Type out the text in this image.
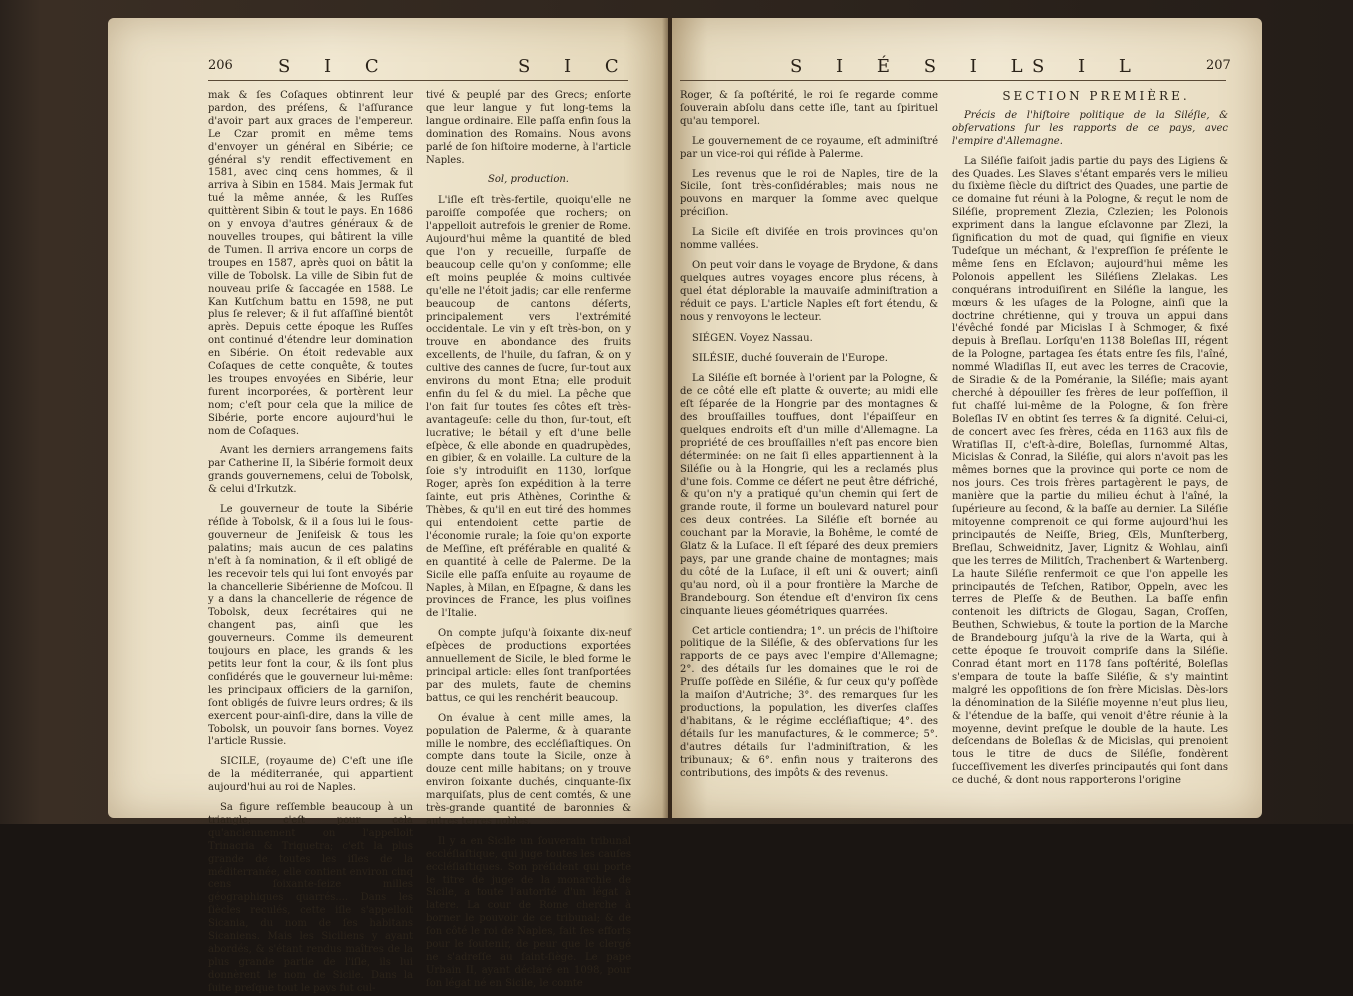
206	S I C	S I C

mak & ſes Coſaques obtinrent leur pardon, des préſens, & l'aſſurance d'avoir part aux graces de l'empereur. Le Czar promit en même tems d'envoyer un général en Sibérie; ce général s'y rendit effectivement en 1581, avec cinq cens hommes, & il arriva à Sibin en 1584. Mais Jermak fut tué la même année, & les Ruſſes quittèrent Sibin & tout le pays. En 1686 on y envoya d'autres généraux & de nouvelles troupes, qui bâtirent la ville de Tumen. Il arriva encore un corps de troupes en 1587, après quoi on bâtit la ville de Tobolsk. La ville de Sibin fut de nouveau priſe & ſaccagée en 1588. Le Kan Kutſchum battu en 1598, ne put plus ſe relever; & il fut aſſaſſiné bientôt après. Depuis cette époque les Ruſſes ont continué d'étendre leur domination en Sibérie. On étoit redevable aux Coſaques de cette conquête, & toutes les troupes envoyées en Sibérie, leur furent incorporées, & portèrent leur nom; c'eſt pour cela que la milice de Sibérie, porte encore aujourd'hui le nom de Coſaques.

Avant les derniers arrangemens faits par Catherine II, la Sibérie formoit deux grands gouvernemens, celui de Tobolsk, & celui d'Irkutzk.

Le gouverneur de toute la Sibérie réſide à Tobolsk, & il a ſous lui le ſous-gouverneur de Jeniſeisk & tous les palatins; mais aucun de ces palatins n'eſt à ſa nomination, & il eſt obligé de les recevoir tels qui lui ſont envoyés par la chancellerie Sibérienne de Moſcou. Il y a dans la chancellerie de régence de Tobolsk, deux ſecrétaires qui ne changent pas, ainſi que les gouverneurs. Comme ils demeurent toujours en place, les grands & les petits leur font la cour, & ils ſont plus conſidérés que le gouverneur lui-même: les principaux officiers de la garniſon, ſont obligés de ſuivre leurs ordres; & ils exercent pour-ainſi-dire, dans la ville de Tobolsk, un pouvoir ſans bornes. Voyez l'article Russie.

SICILE, (royaume de) C'eſt une iſle de la méditerranée, qui appartient aujourd'hui au roi de Naples.

Sa figure reſſemble beaucoup à un triangle; c'eſt pour cela qu'anciennement on l'appelloit Trinacria & Triquetra; c'eſt la plus grande de toutes les iſles de la méditerranée, elle contient environ cinq cens ſoixante-ſeize milles géographiques quarrés.... Dans les ſiècles reculés, cette iſle s'appelloit Sicania, du nom de ſes habitans Sicaniens. Mais les Siciliens y ayant abordés, & s'étant rendus maîtres de la plus grande partie de l'iſle, ils lui donnèrent le nom de Sicile. Dans la ſuite preſque tout le pays fut cul-

tivé & peuplé par des Grecs; enſorte que leur langue y fut long-tems la langue ordinaire. Elle paſſa enfin ſous la domination des Romains. Nous avons parlé de ſon hiſtoire moderne, à l'article Naples.

Sol, production.

L'iſle eſt très-fertile, quoiqu'elle ne paroiſſe compoſée que rochers; on l'appelloit autrefois le grenier de Rome. Aujourd'hui même la quantité de bled que l'on y recueille, ſurpaſſe de beaucoup celle qu'on y conſomme; elle eſt moins peuplée & moins cultivée qu'elle ne l'étoit jadis; car elle renferme beaucoup de cantons déſerts, principalement vers l'extrémité occidentale. Le vin y eſt très-bon, on y trouve en abondance des fruits excellents, de l'huile, du ſafran, & on y cultive des cannes de ſucre, ſur-tout aux environs du mont Etna; elle produit enfin du ſel & du miel. La pêche que l'on fait ſur toutes ſes côtes eſt très-avantageuſe: celle du thon, ſur-tout, eſt lucrative; le bétail y eſt d'une belle eſpèce, & elle abonde en quadrupèdes, en gibier, & en volaille. La culture de la ſoie s'y introduiſit en 1130, lorſque Roger, après ſon expédition à la terre ſainte, eut pris Athènes, Corinthe & Thèbes, & qu'il en eut tiré des hommes qui entendoient cette partie de l'économie rurale; la ſoie qu'on exporte de Meſſine, eſt préférable en qualité & en quantité à celle de Palerme. De la Sicile elle paſſa enſuite au royaume de Naples, à Milan, en Eſpagne, & dans les provinces de France, les plus voiſines de l'Italie.

On compte juſqu'à ſoixante dix-neuf eſpèces de productions exportées annuellement de Sicile, le bled forme le principal article: elles ſont tranſportées par des mulets, faute de chemins battus, ce qui les renchérit beaucoup.

On évalue à cent mille ames, la population de Palerme, & à quarante mille le nombre, des eccléſiaſtiques. On compte dans toute la Sicile, onze à douze cent mille habitans; on y trouve environ ſoixante duchés, cinquante-ſix marquiſats, plus de cent comtés, & une très-grande quantité de baronnies & autres terres nobles.

Il y a en Sicile un ſouverain tribunal eccléſiaſtique, qui juge toutes les cauſes eccléſiaſtiques. Son préſident qui porte le titre de juge de la monarchie de Sicile, a toute l'autorité d'un légat à latere. La cour de Rome cherche à borner le pouvoir de ce tribunal; & de ſon côté le roi de Naples, fait ſes efforts pour le ſoutenir, de peur que le clergé ne s'adreſſe au ſaint-ſiège. Le pape Urbain II, ayant déclaré en 1098, pour ſon légat né en Sicile, le comte

S I É S I L
S I L	207

Roger, & ſa poſtérité, le roi ſe regarde comme ſouverain abſolu dans cette iſle, tant au ſpirituel qu'au temporel.

Le gouvernement de ce royaume, eſt adminiſtré par un vice-roi qui réſide à Palerme.

Les revenus que le roi de Naples, tire de la Sicile, ſont très-conſidérables; mais nous ne pouvons en marquer la ſomme avec quelque préciſion.

La Sicile eſt diviſée en trois provinces qu'on nomme vallées.

On peut voir dans le voyage de Brydone, & dans quelques autres voyages encore plus récens, à quel état déplorable la mauvaiſe adminiſtration a réduit ce pays. L'article Naples eſt fort étendu, & nous y renvoyons le lecteur.

SIÉGEN. Voyez Nassau.

SILÉSIE, duché ſouverain de l'Europe.

La Siléſie eſt bornée à l'orient par la Pologne, & de ce côté elle eſt platte & ouverte; au midi elle eſt ſéparée de la Hongrie par des montagnes & des brouſſailles touffues, dont l'épaiſſeur en quelques endroits eſt d'un mille d'Allemagne. La propriété de ces brouſſailles n'eſt pas encore bien déterminée: on ne ſait ſi elles appartiennent à la Siléſie ou à la Hongrie, qui les a reclamés plus d'une fois. Comme ce déſert ne peut être défriché, & qu'on n'y a pratiqué qu'un chemin qui ſert de grande route, il forme un boulevard naturel pour ces deux contrées. La Siléſie eſt bornée au couchant par la Moravie, la Bohême, le comté de Glatz & la Luſace. Il eſt ſéparé des deux premiers pays, par une grande chaine de montagnes; mais du côté de la Luſace, il eſt uni & ouvert; ainſi qu'au nord, où il a pour frontière la Marche de Brandebourg. Son étendue eſt d'environ ſix cens cinquante lieues géométriques quarrées.

Cet article contiendra; 1°. un précis de l'hiſtoire politique de la Siléſie, & des obſervations ſur les rapports de ce pays avec l'empire d'Allemagne; 2°. des détails ſur les domaines que le roi de Pruſſe poſſède en Siléſie, & ſur ceux qu'y poſſède la maiſon d'Autriche; 3°. des remarques ſur les productions, la population, les diverſes claſſes d'habitans, & le régime eccléſiaſtique; 4°. des détails ſur les manufactures, & le commerce; 5°. d'autres détails ſur l'adminiſtration, & les tribunaux; & 6°. enfin nous y traiterons des contributions, des impôts & des revenus.

SECTION PREMIÈRE.

Précis de l'hiſtoire politique de la Siléſie, & obſervations ſur les rapports de ce pays, avec l'empire d'Allemagne.

La Siléſie faiſoit jadis partie du pays des Ligiens & des Quades. Les Slaves s'étant emparés vers le milieu du ſixième ſiècle du diſtrict des Quades, une partie de ce domaine fut réuni à la Pologne, & reçut le nom de Siléſie, proprement Zlezia, Czlezien; les Polonois expriment dans la langue eſclavonne par Zlezi, la ſignification du mot de quad, qui ſignifie en vieux Tudeſque un méchant, & l'expreſſion ſe préſente le même ſens en Eſclavon; aujourd'hui même les Polonois appellent les Siléſiens Zlelakas. Les conquérans introduiſirent en Siléſie la langue, les mœurs & les uſages de la Pologne, ainſi que la doctrine chrétienne, qui y trouva un appui dans l'évêché fondé par Micislas I à Schmoger, & fixé depuis à Breſlau. Lorſqu'en 1138 Boleſlas III, régent de la Pologne, partagea ſes états entre ſes fils, l'aîné, nommé Wladiſlas II, eut avec les terres de Cracovie, de Siradie & de la Poméranie, la Siléſie; mais ayant cherché à dépouiller ſes frères de leur poſſeſſion, il fut chaſſé lui-même de la Pologne, & ſon frère Boleſlas IV en obtint ſes terres & ſa dignité. Celui-ci, de concert avec ſes frères, céda en 1163 aux fils de Wratiſlas II, c'eſt-à-dire, Boleſlas, ſurnommé Altas, Micislas & Conrad, la Siléſie, qui alors n'avoit pas les mêmes bornes que la province qui porte ce nom de nos jours. Ces trois frères partagèrent le pays, de manière que la partie du milieu échut à l'aîné, la ſupérieure au ſecond, & la baſſe au dernier. La Siléſie mitoyenne comprenoit ce qui forme aujourd'hui les principautés de Neiſſe, Brieg, Œls, Munſterberg, Breſlau, Schweidnitz, Javer, Lignitz & Wohlau, ainſi que les terres de Militſch, Trachenbert & Wartenberg. La haute Siléſie renfermoit ce que l'on appelle les principautés de Teſchen, Ratibor, Oppeln, avec les terres de Pleſſe & de Beuthen. La baſſe enfin contenoit les diſtricts de Glogau, Sagan, Croſſen, Beuthen, Schwiebus, & toute la portion de la Marche de Brandebourg juſqu'à la rive de la Warta, qui à cette époque ſe trouvoit compriſe dans la Siléſie. Conrad étant mort en 1178 ſans poſtérité, Boleſlas s'empara de toute la baſſe Siléſie, & s'y maintint malgré les oppoſitions de ſon frère Micislas. Dès-lors la dénomination de la Siléſie moyenne n'eut plus lieu, & l'étendue de la baſſe, qui venoit d'être réunie à la moyenne, devint preſque le double de la haute. Les deſcendans de Boleſlas & de Micislas, qui prenoient tous le titre de ducs de Siléſie, fondèrent ſucceſſivement les diverſes principautés qui ſont dans ce duché, & dont nous rapporterons l'origine
